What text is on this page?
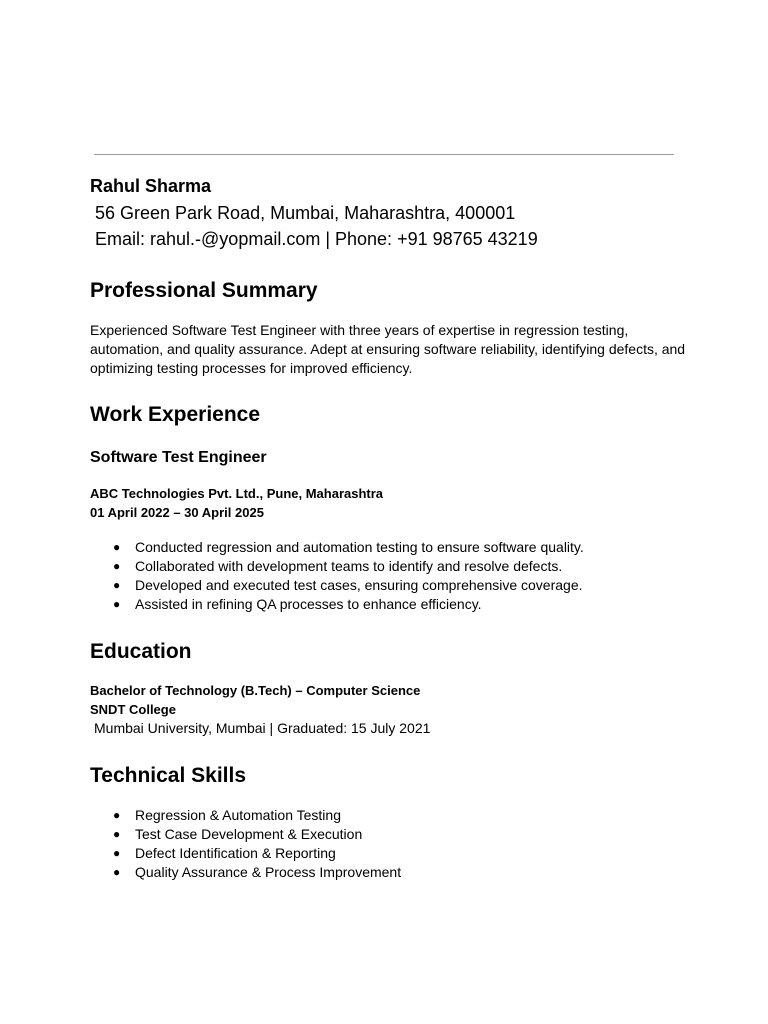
Rahul Sharma
56 Green Park Road, Mumbai, Maharashtra, 400001
Email: rahul.-@yopmail.com | Phone: +91 98765 43219
Professional Summary
Experienced Software Test Engineer with three years of expertise in regression testing, automation, and quality assurance. Adept at ensuring software reliability, identifying defects, and optimizing testing processes for improved efficiency.
Work Experience
Software Test Engineer
ABC Technologies Pvt. Ltd., Pune, Maharashtra
01 April 2022 – 30 April 2025
● Conducted regression and automation testing to ensure software quality.
● Collaborated with development teams to identify and resolve defects.
● Developed and executed test cases, ensuring comprehensive coverage.
● Assisted in refining QA processes to enhance efficiency.
Education
Bachelor of Technology (B.Tech) – Computer Science
SNDT College
Mumbai University, Mumbai | Graduated: 15 July 2021
Technical Skills
● Regression & Automation Testing
● Test Case Development & Execution
● Defect Identification & Reporting
● Quality Assurance & Process Improvement
